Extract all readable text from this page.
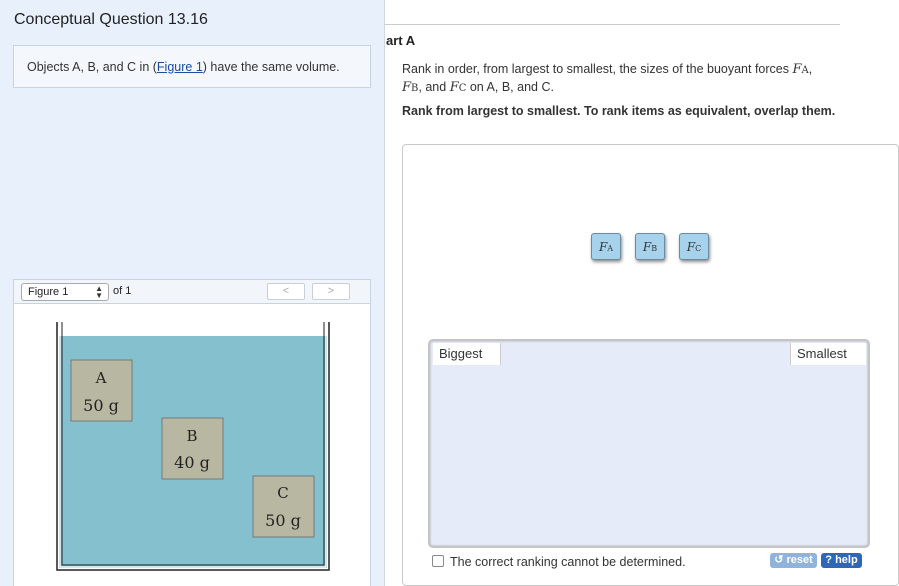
Conceptual Question 13.16
Objects A, B, and C in (Figure 1) have the same volume.
Figure 1	▲
▼ of 1	<	>
A
50 g
B
40 g
C
50 g
art A
Rank in order, from largest to smallest, the sizes of the buoyant forces FA,
FB, and FC on A, B, and C.
Rank from largest to smallest. To rank items as equivalent, overlap them.
FA	FB	FC
Biggest	Smallest
The correct ranking cannot be determined.	↺ reset	? help
